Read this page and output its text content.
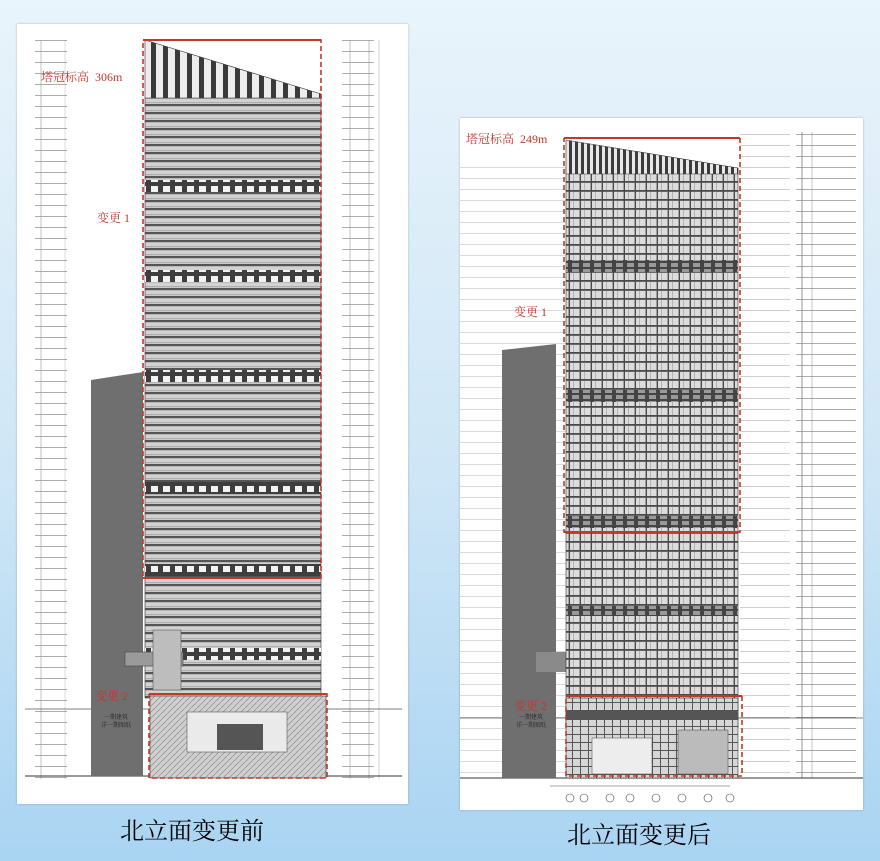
塔冠标高 306m
变更 1
变更 2
一期建筑
详一期图纸
北立面变更前
塔冠标高 249m
变更 1
变更 2
一期建筑
详一期图纸
北立面变更后
